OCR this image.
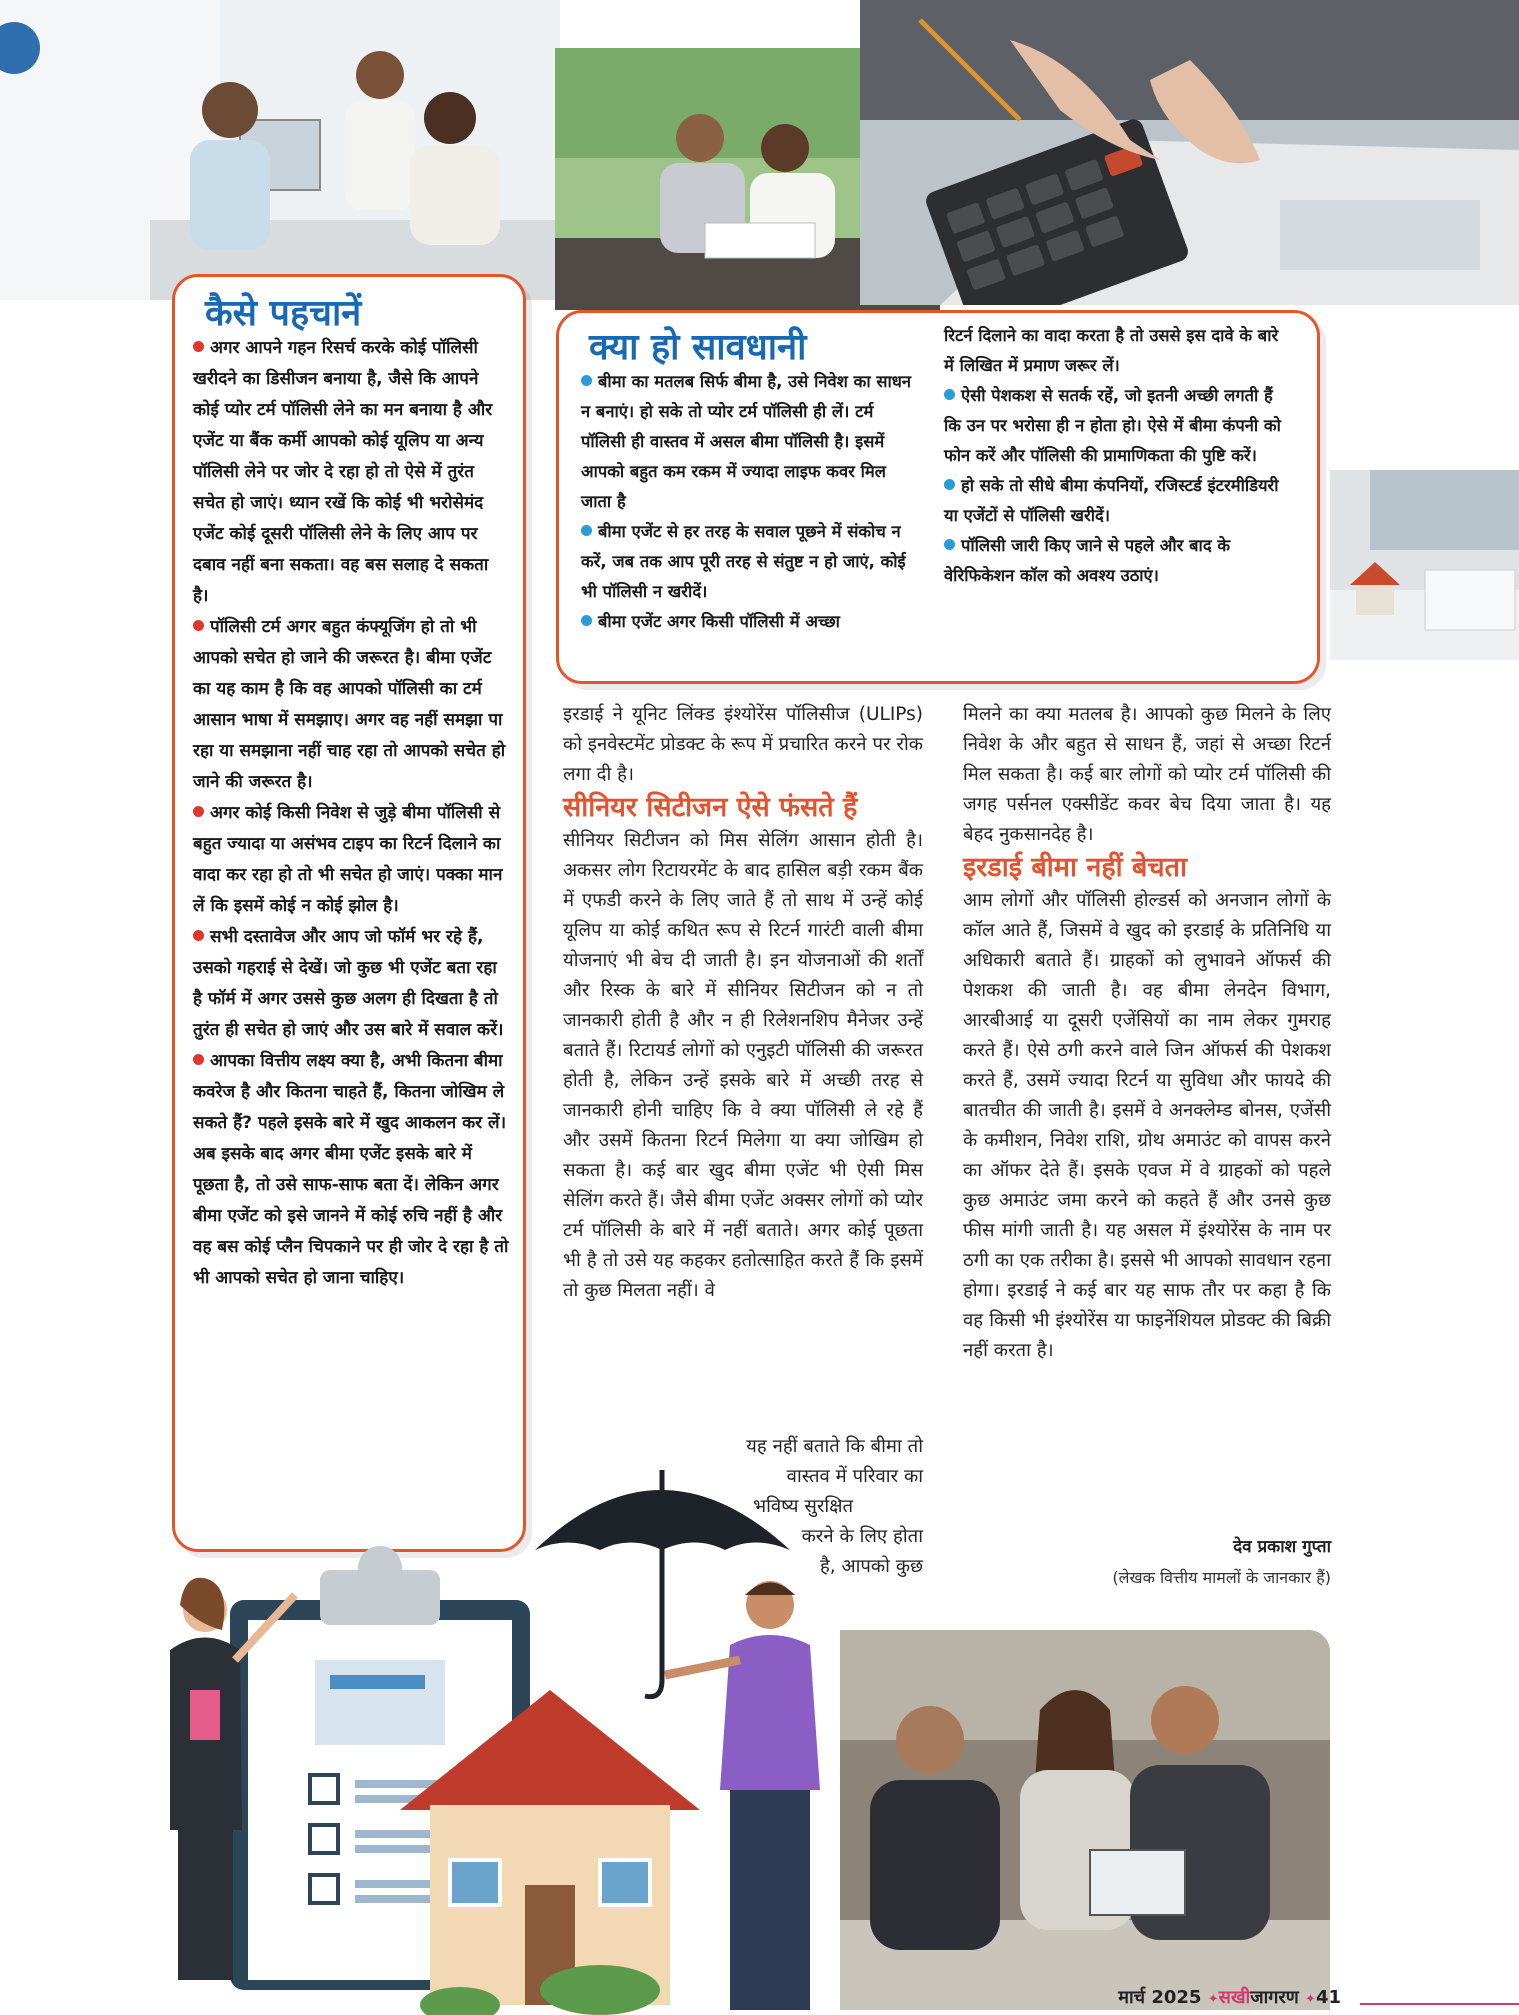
कैसे पहचानें
अगर आपने गहन रिसर्च करके कोई पॉलिसी खरीदने का डिसीजन बनाया है, जैसे कि आपने कोई प्योर टर्म पॉलिसी लेने का मन बनाया है और एजेंट या बैंक कर्मी आपको कोई यूलिप या अन्य पॉलिसी लेने पर जोर दे रहा हो तो ऐसे में तुरंत सचेत हो जाएं। ध्यान रखें कि कोई भी भरोसेमंद एजेंट कोई दूसरी पॉलिसी लेने के लिए आप पर दबाव नहीं बना सकता। वह बस सलाह दे सकता है।
पॉलिसी टर्म अगर बहुत कंफ्यूजिंग हो तो भी आपको सचेत हो जाने की जरूरत है। बीमा एजेंट का यह काम है कि वह आपको पॉलिसी का टर्म आसान भाषा में समझाए। अगर वह नहीं समझा पा रहा या समझाना नहीं चाह रहा तो आपको सचेत हो जाने की जरूरत है।
अगर कोई किसी निवेश से जुड़े बीमा पॉलिसी से बहुत ज्यादा या असंभव टाइप का रिटर्न दिलाने का वादा कर रहा हो तो भी सचेत हो जाएं। पक्का मान लें कि इसमें कोई न कोई झोल है।
सभी दस्तावेज और आप जो फॉर्म भर रहे हैं, उसको गहराई से देखें। जो कुछ भी एजेंट बता रहा है फॉर्म में अगर उससे कुछ अलग ही दिखता है तो तुरंत ही सचेत हो जाएं और उस बारे में सवाल करें।
आपका वित्तीय लक्ष्य क्या है, अभी कितना बीमा कवरेज है और कितना चाहते हैं, कितना जोखिम ले सकते हैं? पहले इसके बारे में खुद आकलन कर लें। अब इसके बाद अगर बीमा एजेंट इसके बारे में पूछता है, तो उसे साफ-साफ बता दें। लेकिन अगर बीमा एजेंट को इसे जानने में कोई रुचि नहीं है और वह बस कोई प्लैन चिपकाने पर ही जोर दे रहा है तो भी आपको सचेत हो जाना चाहिए।
क्या हो सावधानी
बीमा का मतलब सिर्फ बीमा है, उसे निवेश का साधन न बनाएं। हो सके तो प्योर टर्म पॉलिसी ही लें। टर्म पॉलिसी ही वास्तव में असल बीमा पॉलिसी है। इसमें आपको बहुत कम रकम में ज्यादा लाइफ कवर मिल जाता है
बीमा एजेंट से हर तरह के सवाल पूछने में संकोच न करें, जब तक आप पूरी तरह से संतुष्ट न हो जाएं, कोई भी पॉलिसी न खरीदें।
बीमा एजेंट अगर किसी पॉलिसी में अच्छा
रिटर्न दिलाने का वादा करता है तो उससे इस दावे के बारे में लिखित में प्रमाण जरूर लें।
ऐसी पेशकश से सतर्क रहें, जो इतनी अच्छी लगती हैं कि उन पर भरोसा ही न होता हो। ऐसे में बीमा कंपनी को फोन करें और पॉलिसी की प्रामाणिकता की पुष्टि करें।
हो सके तो सीधे बीमा कंपनियों, रजिस्टर्ड इंटरमीडियरी या एजेंटों से पॉलिसी खरीदें।
पॉलिसी जारी किए जाने से पहले और बाद के वेरिफिकेशन कॉल को अवश्य उठाएं।

इरडाई ने यूनिट लिंक्ड इंश्योरेंस पॉलिसीज (ULIPs) को इनवेस्टमेंट प्रोडक्ट के रूप में प्रचारित करने पर रोक लगा दी है।

सीनियर सिटीजन ऐसे फंसते हैं

सीनियर सिटीजन को मिस सेलिंग आसान होती है। अकसर लोग रिटायरमेंट के बाद हासिल बड़ी रकम बैंक में एफडी करने के लिए जाते हैं तो साथ में उन्हें कोई यूलिप या कोई कथित रूप से रिटर्न गारंटी वाली बीमा योजनाएं भी बेच दी जाती है। इन योजनाओं की शर्तों और रिस्क के बारे में सीनियर सिटीजन को न तो जानकारी होती है और न ही रिलेशनशिप मैनेजर उन्हें बताते हैं। रिटायर्ड लोगों को एनुइटी पॉलिसी की जरूरत होती है, लेकिन उन्हें इसके बारे में अच्छी तरह से जानकारी होनी चाहिए कि वे क्या पॉलिसी ले रहे हैं और उसमें कितना रिटर्न मिलेगा या क्या जोखिम हो सकता है। कई बार खुद बीमा एजेंट भी ऐसी मिस सेलिंग करते हैं। जैसे बीमा एजेंट अक्सर लोगों को प्योर टर्म पॉलिसी के बारे में नहीं बताते। अगर कोई पूछता भी है तो उसे यह कहकर हतोत्साहित करते हैं कि इसमें तो कुछ मिलता नहीं। वे

यह नहीं बताते कि बीमा तो

वास्तव में परिवार का

भविष्य सुरक्षित

करने के लिए होता

है, आपको कुछ

मिलने का क्या मतलब है। आपको कुछ मिलने के लिए निवेश के और बहुत से साधन हैं, जहां से अच्छा रिटर्न मिल सकता है। कई बार लोगों को प्योर टर्म पॉलिसी की जगह पर्सनल एक्सीडेंट कवर बेच दिया जाता है। यह बेहद नुकसानदेह है।

इरडाई बीमा नहीं बेचता

आम लोगों और पॉलिसी होल्डर्स को अनजान लोगों के कॉल आते हैं, जिसमें वे खुद को इरडाई के प्रतिनिधि या अधिकारी बताते हैं। ग्राहकों को लुभावने ऑफर्स की पेशकश की जाती है। वह बीमा लेनदेन विभाग, आरबीआई या दूसरी एजेंसियों का नाम लेकर गुमराह करते हैं। ऐसे ठगी करने वाले जिन ऑफर्स की पेशकश करते हैं, उसमें ज्यादा रिटर्न या सुविधा और फायदे की बातचीत की जाती है। इसमें वे अनक्लेम्ड बोनस, एजेंसी के कमीशन, निवेश राशि, ग्रोथ अमाउंट को वापस करने का ऑफर देते हैं। इसके एवज में वे ग्राहकों को पहले कुछ अमाउंट जमा करने को कहते हैं और उनसे कुछ फीस मांगी जाती है। यह असल में इंश्योरेंस के नाम पर ठगी का एक तरीका है। इससे भी आपको सावधान रहना होगा। इरडाई ने कई बार यह साफ तौर पर कहा है कि वह किसी भी इंश्योरेंस या फाइनेंशियल प्रोडक्ट की बिक्री नहीं करता है।

देव प्रकाश गुप्ता
(लेखक वित्तीय मामलों के जानकार हैं)
मार्च 2025 ✦सखीजागरण ✦41
